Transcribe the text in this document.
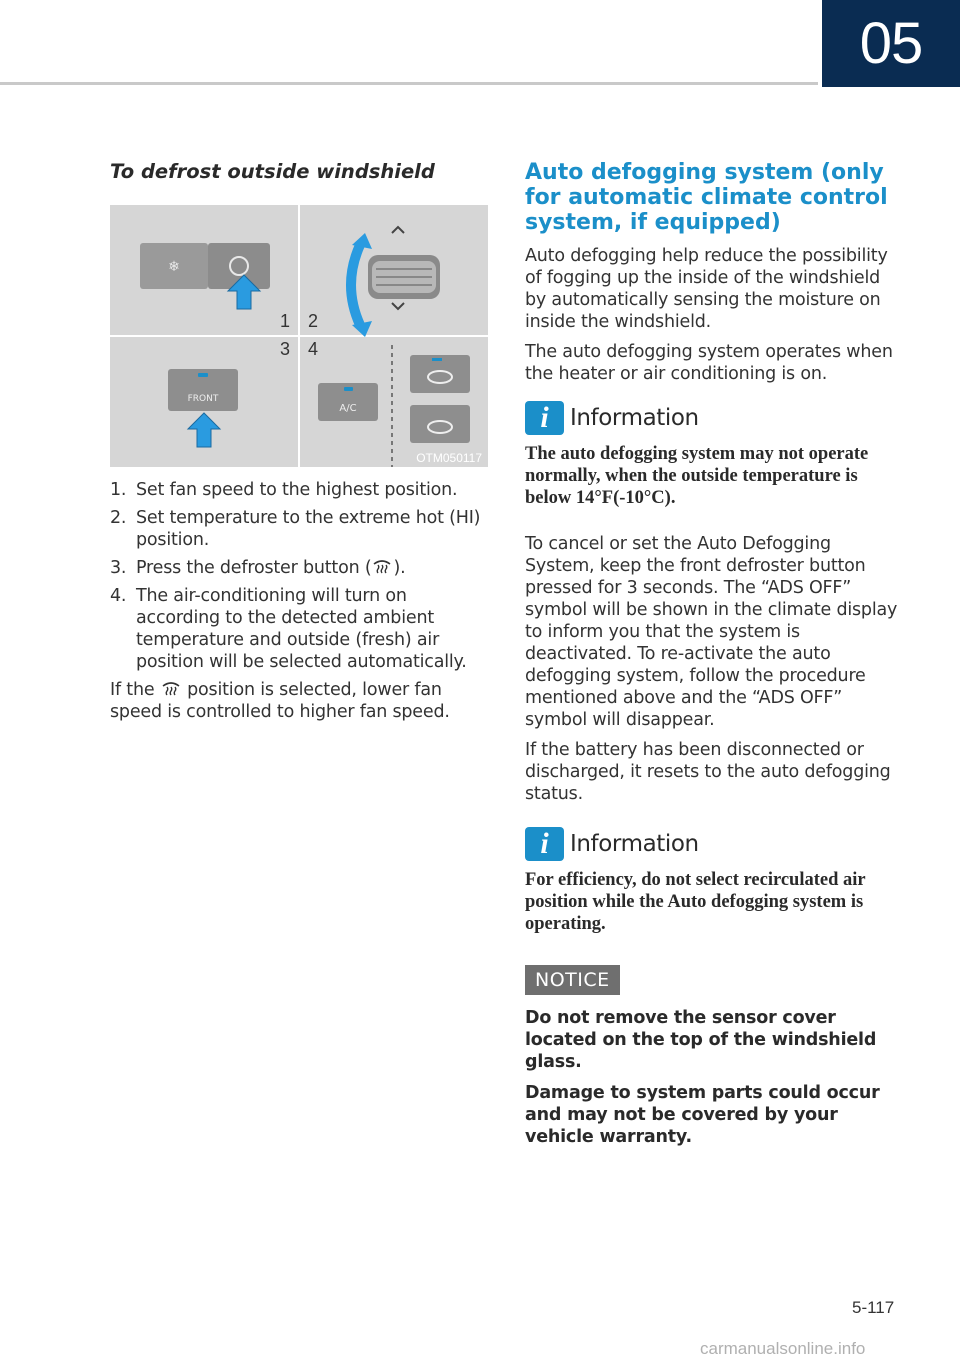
05
To defrost outside windshield
❄
FRONT
A/C
1 2
3 4
OTM050117
1. Set fan speed to the highest position.
2. Set temperature to the extreme hot (HI) position.
3. Press the defroster button ( ).
4. The air-conditioning will turn on according to the detected ambient temperature and outside (fresh) air position will be selected automatically.

If the  position is selected, lower fan speed is controlled to higher fan speed.

Auto defogging system (only for automatic climate control system, if equipped)

Auto defogging help reduce the possibility of fogging up the inside of the windshield by automatically sensing the moisture on inside the windshield.

The auto defogging system operates when the heater or air conditioning is on.

i Information
The auto defogging system may not operate normally, when the outside temperature is below 14°F(-10°C).

To cancel or set the Auto Defogging System, keep the front defroster button pressed for 3 seconds. The “ADS OFF” symbol will be shown in the climate display to inform you that the system is deactivated. To re-activate the auto defogging system, follow the procedure mentioned above and the “ADS OFF” symbol will disappear.

If the battery has been disconnected or discharged, it resets to the auto defogging status.

i Information
For efficiency, do not select recirculated air position while the Auto defogging system is operating.
NOTICE

Do not remove the sensor cover located on the top of the windshield glass.

Damage to system parts could occur and may not be covered by your vehicle warranty.

5-117
carmanualsonline.info
